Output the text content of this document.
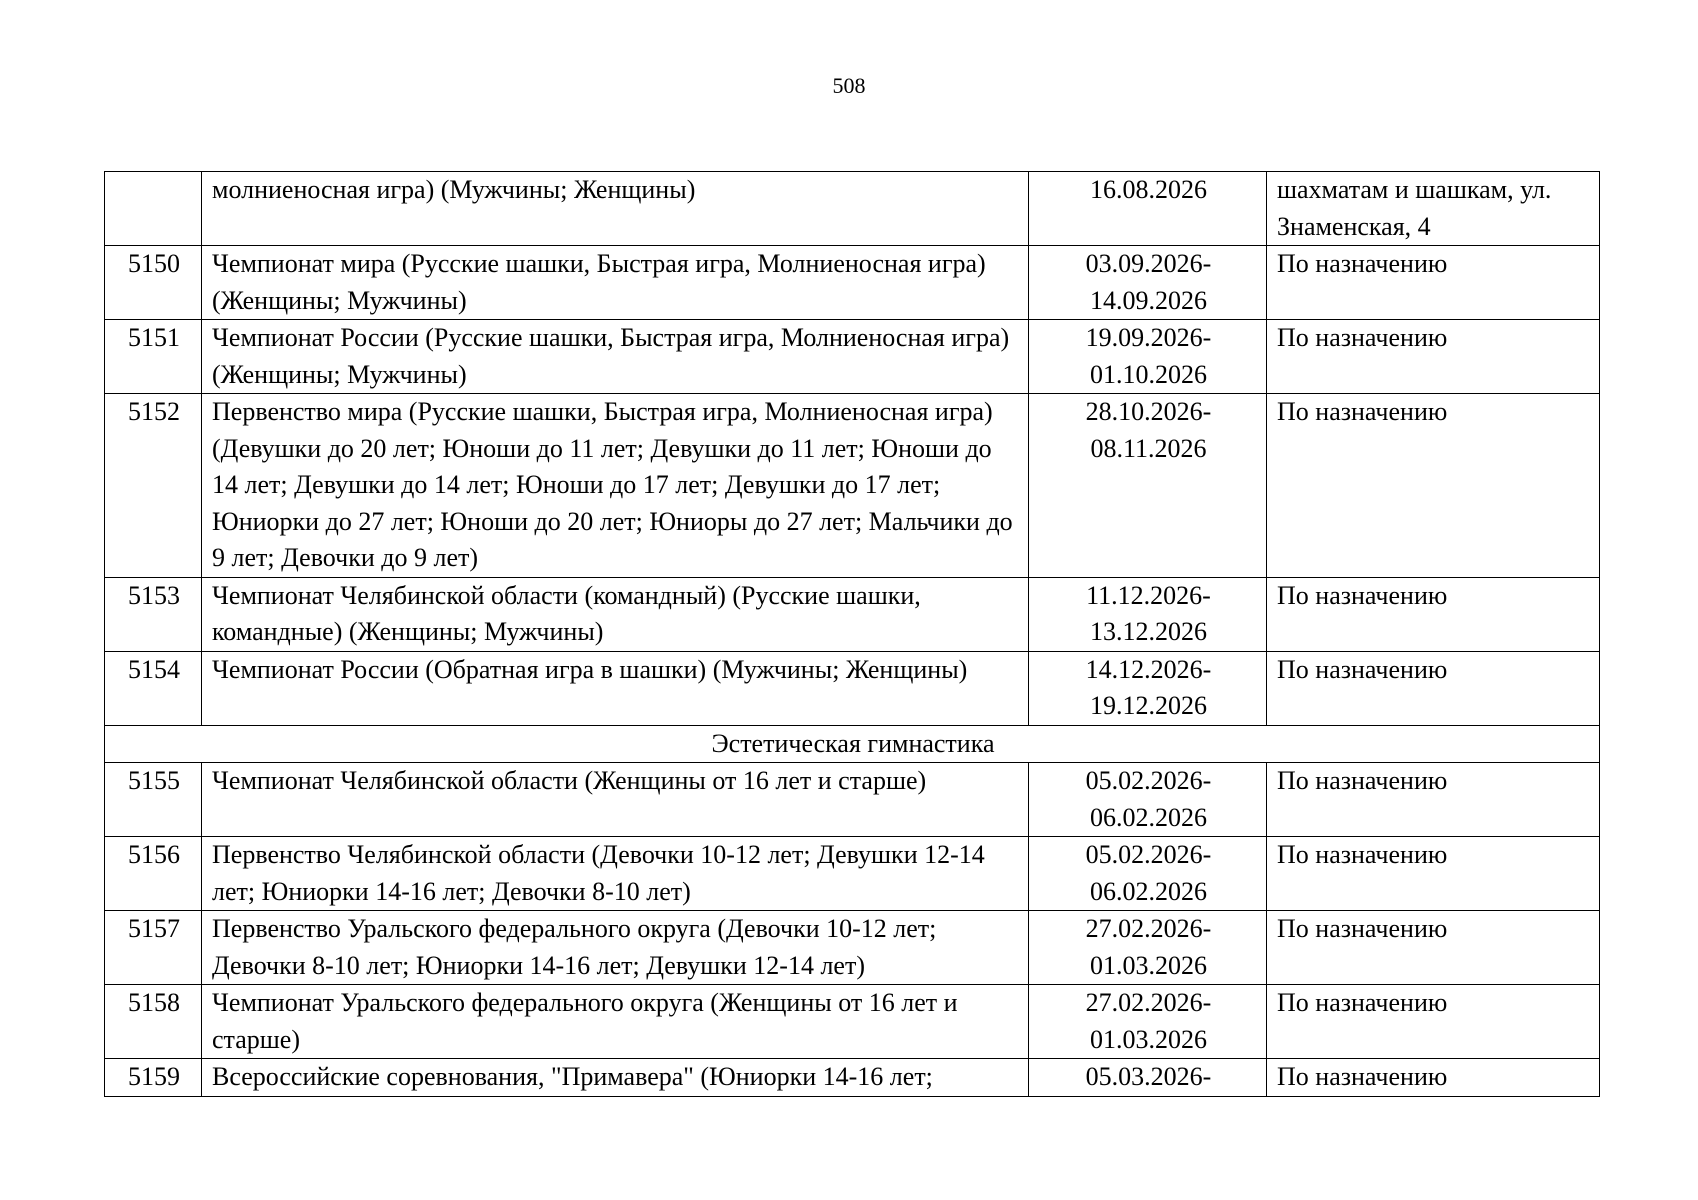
508
	молниеносная игра) (Мужчины; Женщины)	16.08.2026	шахматам и шашкам, ул. Знаменская, 4
5150	Чемпионат мира (Русские шашки, Быстрая игра, Молниеносная игра) (Женщины; Мужчины)	03.09.2026-14.09.2026	По назначению
5151	Чемпионат России (Русские шашки, Быстрая игра, Молниеносная игра) (Женщины; Мужчины)	19.09.2026-01.10.2026	По назначению
5152	Первенство мира (Русские шашки, Быстрая игра, Молниеносная игра) (Девушки до 20 лет; Юноши до 11 лет; Девушки до 11 лет; Юноши до 14 лет; Девушки до 14 лет; Юноши до 17 лет; Девушки до 17 лет; Юниорки до 27 лет; Юноши до 20 лет; Юниоры до 27 лет; Мальчики до 9 лет; Девочки до 9 лет)	28.10.2026-08.11.2026	По назначению
5153	Чемпионат Челябинской области (командный) (Русские шашки, командные) (Женщины; Мужчины)	11.12.2026-13.12.2026	По назначению
5154	Чемпионат России (Обратная игра в шашки) (Мужчины; Женщины)	14.12.2026-19.12.2026	По назначению
Эстетическая гимнастика			
5155	Чемпионат Челябинской области (Женщины от 16 лет и старше)	05.02.2026-06.02.2026	По назначению
5156	Первенство Челябинской области (Девочки 10-12 лет; Девушки 12-14 лет; Юниорки 14-16 лет; Девочки 8-10 лет)	05.02.2026-06.02.2026	По назначению
5157	Первенство Уральского федерального округа (Девочки 10-12 лет; Девочки 8-10 лет; Юниорки 14-16 лет; Девушки 12-14 лет)	27.02.2026-01.03.2026	По назначению
5158	Чемпионат Уральского федерального округа (Женщины от 16 лет и старше)	27.02.2026-01.03.2026	По назначению
5159	Всероссийские соревнования, "Примавера" (Юниорки 14-16 лет;	05.03.2026-	По назначению
